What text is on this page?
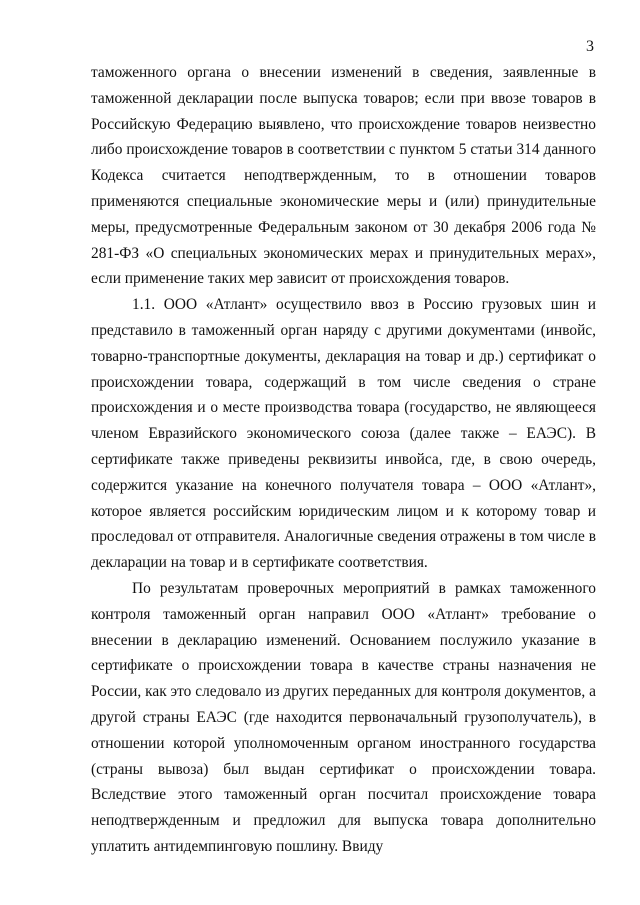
3

таможенного органа о внесении изменений в сведения, заявленные в таможенной декларации после выпуска товаров; если при ввозе товаров в Российскую Федерацию выявлено, что происхождение товаров неизвестно либо происхождение товаров в соответствии с пунктом 5 статьи 314 данного Кодекса считается неподтвержденным, то в отношении товаров применяются специальные экономические меры и (или) принудительные меры, предусмотренные Федеральным законом от 30 декабря 2006 года № 281-ФЗ «О специальных экономических мерах и принудительных мерах», если применение таких мер зависит от происхождения товаров.

1.1. ООО «Атлант» осуществило ввоз в Россию грузовых шин и представило в таможенный орган наряду с другими документами (инвойс, товарно-транспортные документы, декларация на товар и др.) сертификат о происхождении товара, содержащий в том числе сведения о стране происхождения и о месте производства товара (государство, не являющееся членом Евразийского экономического союза (далее также – ЕАЭС). В сертификате также приведены реквизиты инвойса, где, в свою очередь, содержится указание на конечного получателя товара – ООО «Атлант», которое является российским юридическим лицом и к которому товар и проследовал от отправителя. Аналогичные сведения отражены в том числе в декларации на товар и в сертификате соответствия.

По результатам проверочных мероприятий в рамках таможенного контроля таможенный орган направил ООО «Атлант» требование о внесении в декларацию изменений. Основанием послужило указание в сертификате о происхождении товара в качестве страны назначения не России, как это следовало из других переданных для контроля документов, а другой страны ЕАЭС (где находится первоначальный грузополучатель), в отношении которой уполномоченным органом иностранного государства (страны вывоза) был выдан сертификат о происхождении товара. Вследствие этого таможенный орган посчитал происхождение товара неподтвержденным и предложил для выпуска товара дополнительно уплатить антидемпинговую пошлину. Ввиду
